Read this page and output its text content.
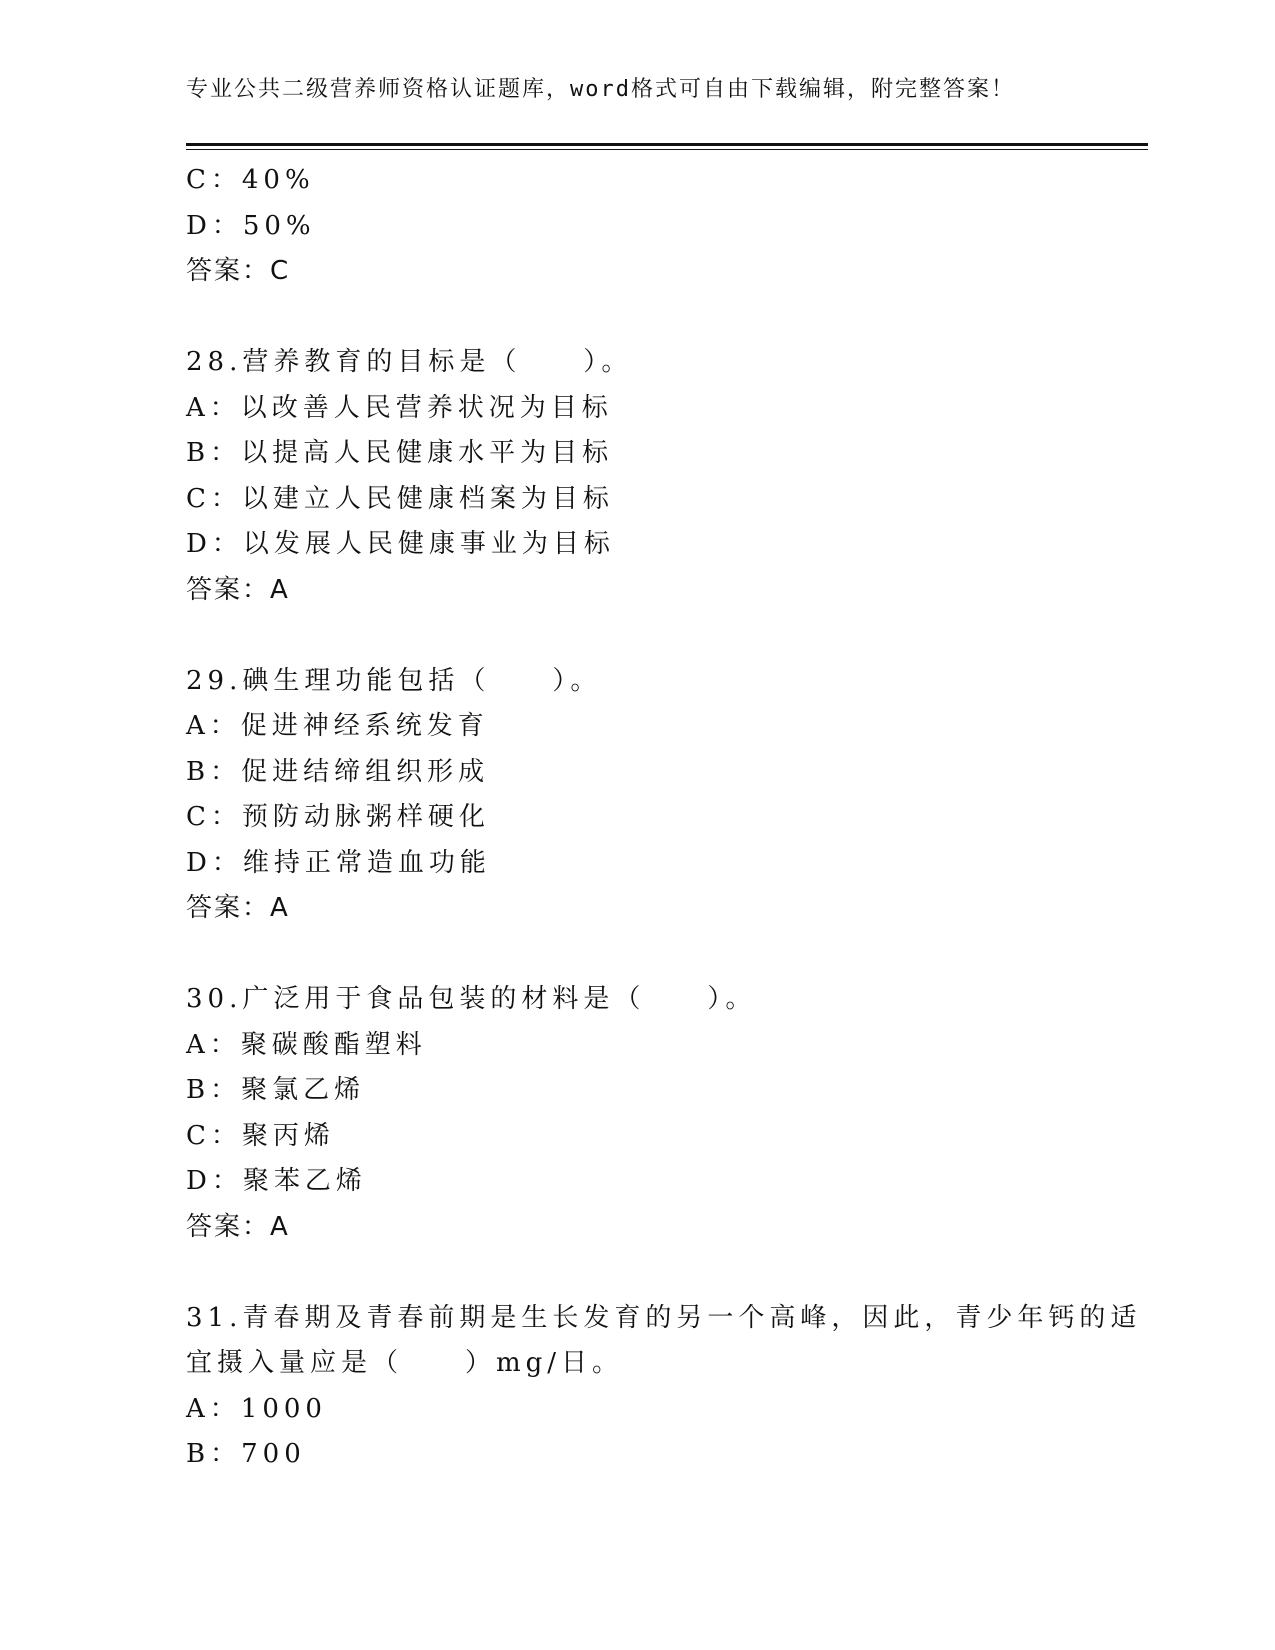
专业公共二级营养师资格认证题库，word格式可自由下载编辑，附完整答案！
C：40%
D：50%
答案：C
28.营养教育的目标是（　　）。
A：以改善人民营养状况为目标
B：以提高人民健康水平为目标
C：以建立人民健康档案为目标
D：以发展人民健康事业为目标
答案：A
29.碘生理功能包括（　　）。
A：促进神经系统发育
B：促进结缔组织形成
C：预防动脉粥样硬化
D：维持正常造血功能
答案：A
30.广泛用于食品包装的材料是（　　）。
A：聚碳酸酯塑料
B：聚氯乙烯
C：聚丙烯
D：聚苯乙烯
答案：A
31.青春期及青春前期是生长发育的另一个高峰，因此，青少年钙的适
宜摄入量应是（　　）mg/日。
A：1000
B：700
